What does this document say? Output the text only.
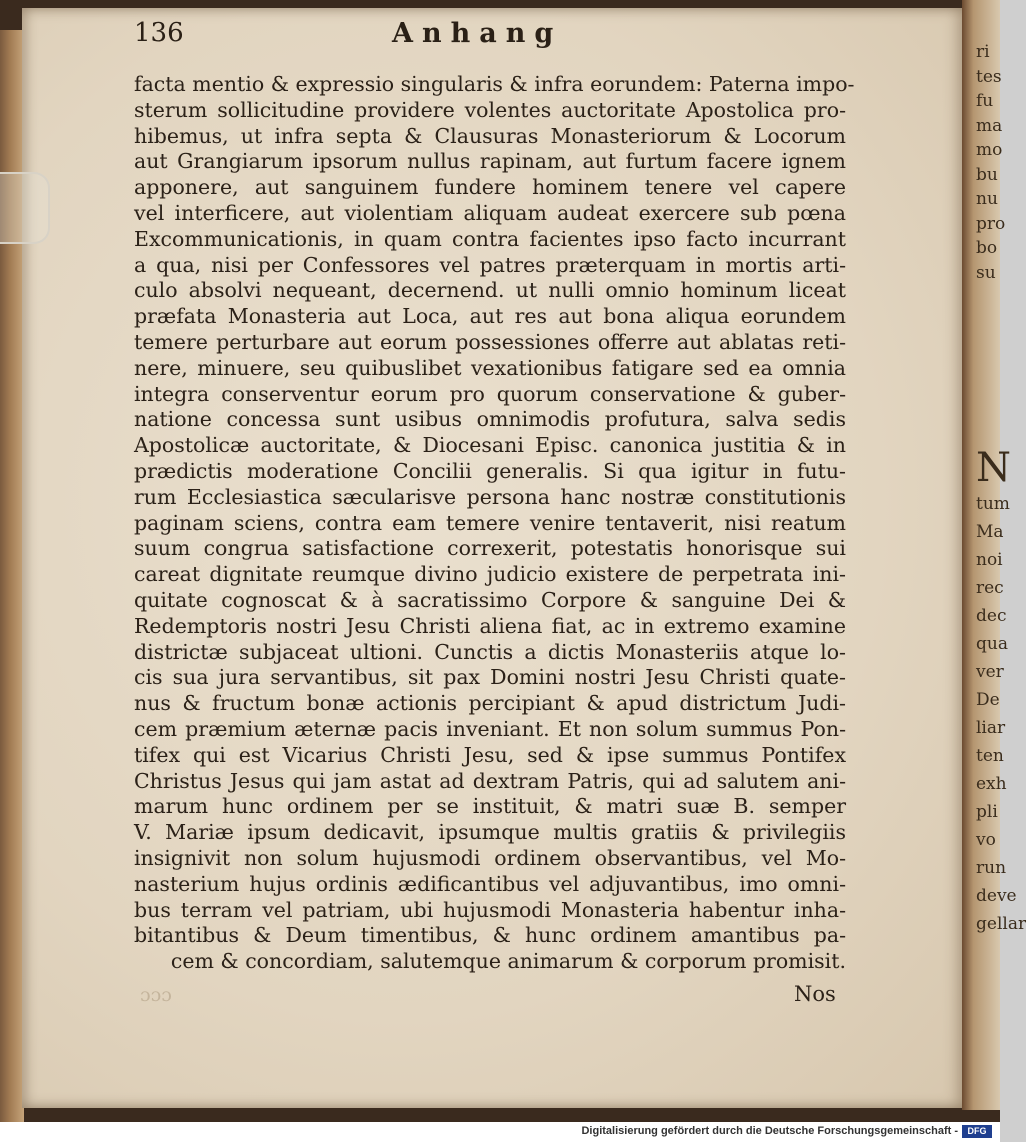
136	Anhang
facta mentio & expressio singularis & infra eorundem: Paterna impo-
sterum sollicitudine providere volentes auctoritate Apostolica pro-
hibemus, ut infra septa & Clausuras Monasteriorum & Locorum
aut Grangiarum ipsorum nullus rapinam, aut furtum facere ignem
apponere, aut sanguinem fundere hominem tenere vel capere
vel interficere, aut violentiam aliquam audeat exercere sub pœna
Excommunicationis, in quam contra facientes ipso facto incurrant
a qua, nisi per Confessores vel patres præterquam in mortis arti-
culo absolvi nequeant, decernend. ut nulli omnio hominum liceat
præfata Monasteria aut Loca, aut res aut bona aliqua eorundem
temere perturbare aut eorum possessiones offerre aut ablatas reti-
nere, minuere, seu quibuslibet vexationibus fatigare sed ea omnia
integra conserventur eorum pro quorum conservatione & guber-
natione concessa sunt usibus omnimodis profutura, salva sedis
Apostolicæ auctoritate, & Diocesani Episc. canonica justitia & in
prædictis moderatione Concilii generalis. Si qua igitur in futu-
rum Ecclesiastica sæcularisve persona hanc nostræ constitutionis
paginam sciens, contra eam temere venire tentaverit, nisi reatum
suum congrua satisfactione correxerit, potestatis honorisque sui
careat dignitate reumque divino judicio existere de perpetrata ini-
quitate cognoscat & à sacratissimo Corpore & sanguine Dei &
Redemptoris nostri Jesu Christi aliena fiat, ac in extremo examine
districtæ subjaceat ultioni. Cunctis a dictis Monasteriis atque lo-
cis sua jura servantibus, sit pax Domini nostri Jesu Christi quate-
nus & fructum bonæ actionis percipiant & apud districtum Judi-
cem præmium æternæ pacis inveniant. Et non solum summus Pon-
tifex qui est Vicarius Christi Jesu, sed & ipse summus Pontifex
Christus Jesus qui jam astat ad dextram Patris, qui ad salutem ani-
marum hunc ordinem per se instituit, & matri suæ B. semper
V. Mariæ ipsum dedicavit, ipsumque multis gratiis & privilegiis
insignivit non solum hujusmodi ordinem observantibus, vel Mo-
nasterium hujus ordinis ædificantibus vel adjuvantibus, imo omni-
bus terram vel patriam, ubi hujusmodi Monasteria habentur inha-
bitantibus & Deum timentibus, & hunc ordinem amantibus pa-
cem & concordiam, salutemque animarum & corporum promisit.
ɔɔɔ	Nos
ri
tes
fu
ma
mo
bu
nu
pro
bo
su
N
tum
Ma
noi
rec
dec
qua
ver
De
liar
ten
exh
pli
vo
run
deve
gellar
Digitalisierung gefördert durch die Deutsche Forschungsgemeinschaft -	DFG
